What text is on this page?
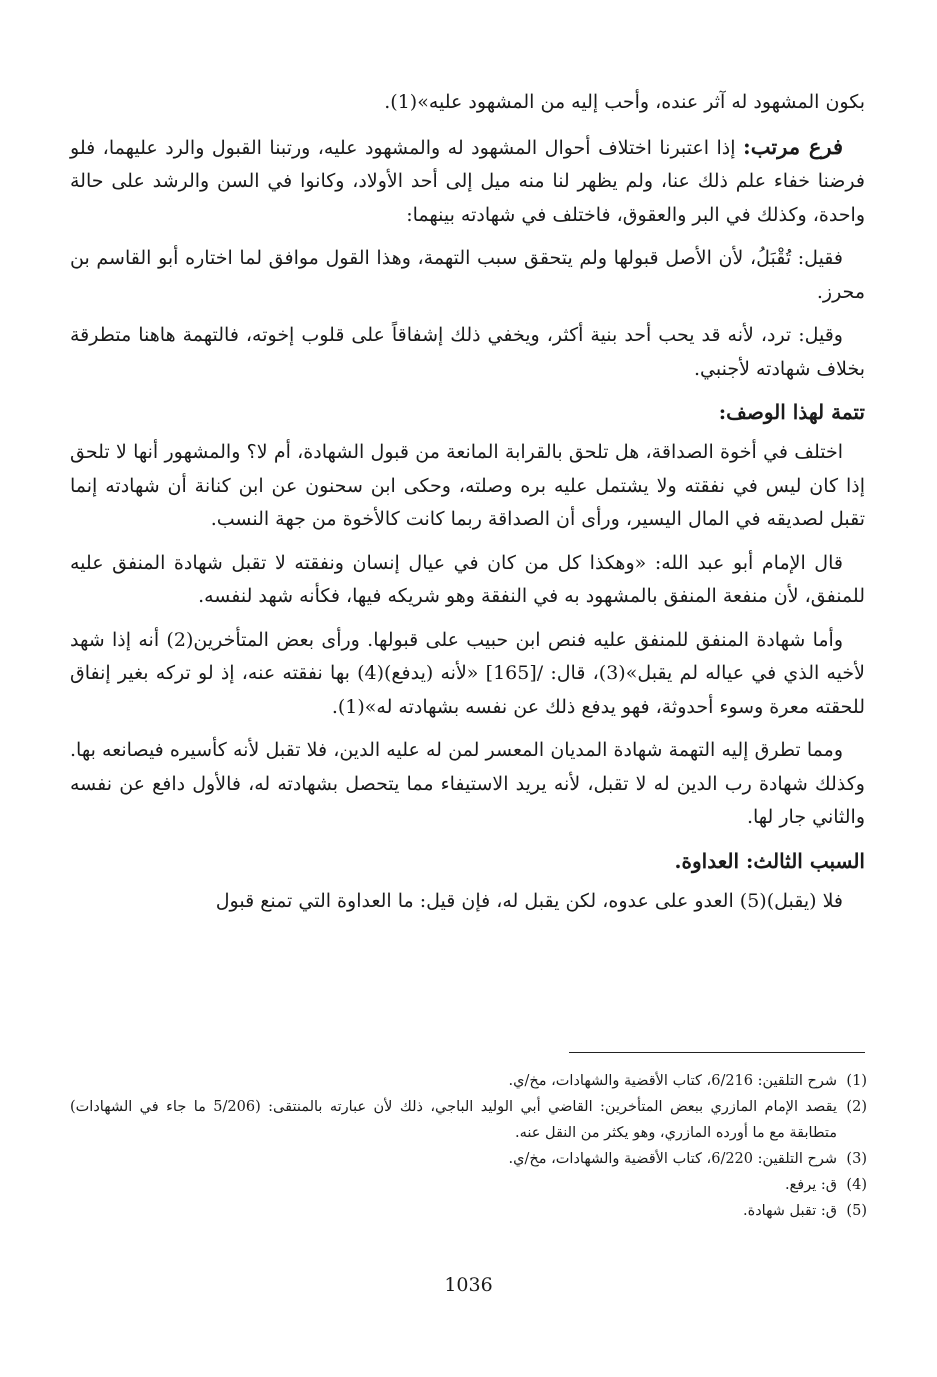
بكون المشهود له آثر عنده، وأحب إليه من المشهود عليه»(1).

فرع مرتب: إذا اعتبرنا اختلاف أحوال المشهود له والمشهود عليه، ورتبنا القبول والرد عليهما، فلو فرضنا خفاء علم ذلك عنا، ولم يظهر لنا منه ميل إلى أحد الأولاد، وكانوا في السن والرشد على حالة واحدة، وكذلك في البر والعقوق، فاختلف في شهادته بينهما:

فقيل: تُقْبَلُ، لأن الأصل قبولها ولم يتحقق سبب التهمة، وهذا القول موافق لما اختاره أبو القاسم بن محرز.

وقيل: ترد، لأنه قد يحب أحد بنية أكثر، ويخفي ذلك إشفاقاً على قلوب إخوته، فالتهمة هاهنا متطرقة بخلاف شهادته لأجنبي.

تتمة لهذا الوصف:

اختلف في أخوة الصداقة، هل تلحق بالقرابة المانعة من قبول الشهادة، أم لا؟ والمشهور أنها لا تلحق إذا كان ليس في نفقته ولا يشتمل عليه بره وصلته، وحكى ابن سحنون عن ابن كنانة أن شهادته إنما تقبل لصديقه في المال اليسير، ورأى أن الصداقة ربما كانت كالأخوة من جهة النسب.

قال الإمام أبو عبد الله: «وهكذا كل من كان في عيال إنسان ونفقته لا تقبل شهادة المنفق عليه للمنفق، لأن منفعة المنفق بالمشهود به في النفقة وهو شريكه فيها، فكأنه شهد لنفسه.

وأما شهادة المنفق للمنفق عليه فنص ابن حبيب على قبولها. ورأى بعض المتأخرين(2) أنه إذا شهد لأخيه الذي في عياله لم يقبل»(3)، قال: /[165] «لأنه (يدفع)(4) بها نفقته عنه، إذ لو تركه بغير إنفاق للحقته معرة وسوء أحدوثة، فهو يدفع ذلك عن نفسه بشهادته له»(1).

ومما تطرق إليه التهمة شهادة المديان المعسر لمن له عليه الدين، فلا تقبل لأنه كأسيره فيصانعه بها. وكذلك شهادة رب الدين له لا تقبل، لأنه يريد الاستيفاء مما يتحصل بشهادته له، فالأول دافع عن نفسه والثاني جار لها.

السبب الثالث: العداوة.

فلا (يقبل)(5) العدو على عدوه، لكن يقبل له، فإن قيل: ما العداوة التي تمنع قبول

(1)
شرح التلقين: 6/216، كتاب الأقضية والشهادات، مخ/ي.
(2)
يقصد الإمام المازري ببعض المتأخرين: القاضي أبي الوليد الباجي، ذلك لأن عبارته بالمنتقى: (5/206 ما جاء في الشهادات) متطابقة مع ما أورده المازري، وهو يكثر من النقل عنه.
(3)
شرح التلقين: 6/220، كتاب الأقضية والشهادات، مخ/ي.
(4)
ق: يرفع.
(5)
ق: تقبل شهادة.
1036
